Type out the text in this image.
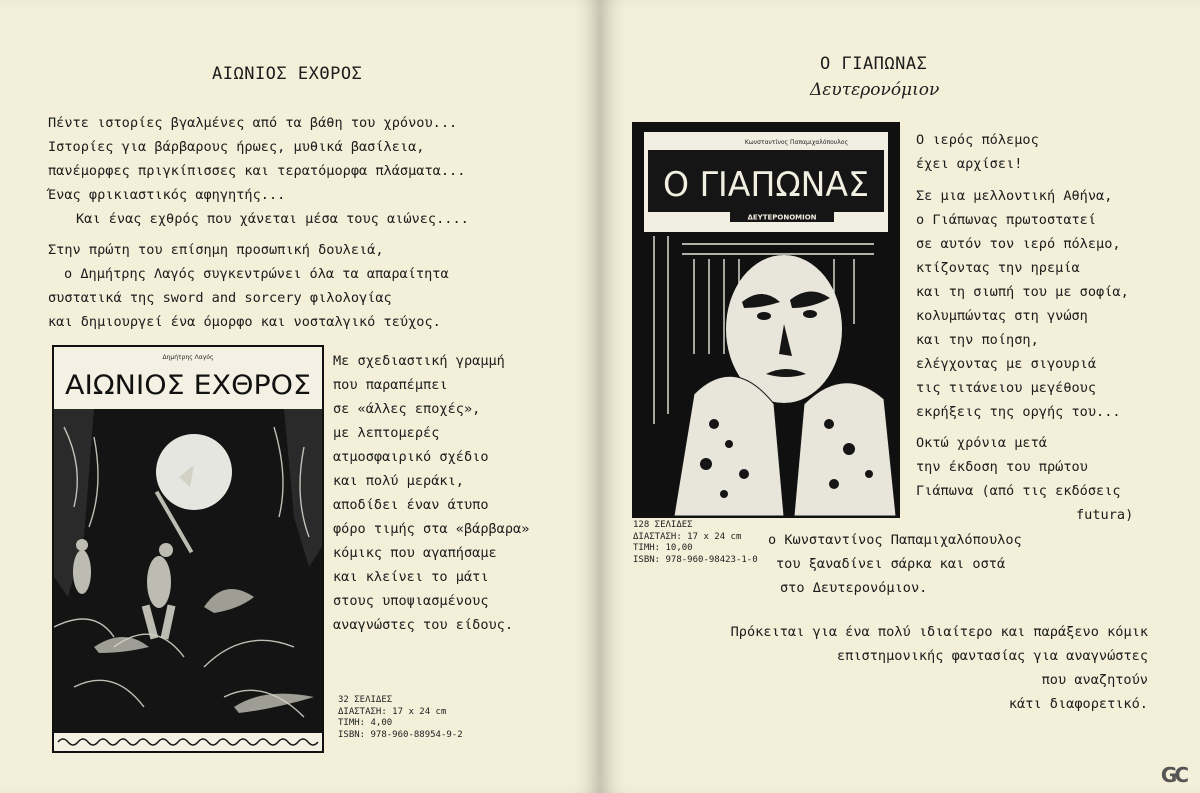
ΑΙΩΝΙΟΣ ΕΧΘΡΟΣ
Πέντε ιστορίες βγαλμένες από τα βάθη του χρόνου...
Ιστορίες για βάρβαρους ήρωες, μυθικά βασίλεια,
πανέμορφες πριγκίπισσες και τερατόμορφα πλάσματα...
Ένας φρικιαστικός αφηγητής...
Και ένας εχθρός που χάνεται μέσα τους αιώνες....
Στην πρώτη του επίσημη προσωπική δουλειά,
ο Δημήτρης Λαγός συγκεντρώνει όλα τα απαραίτητα
συστατικά της sword and sorcery φιλολογίας
και δημιουργεί ένα όμορφο και νοσταλγικό τεύχος.
Δημήτρης Λαγός
ΑΙΩΝΙΟΣ ΕΧΘΡΟΣ
Με σχεδιαστική γραμμή
που παραπέμπει
σε «άλλες εποχές»,
με λεπτομερές
ατμοσφαιρικό σχέδιο
και πολύ μεράκι,
αποδίδει έναν άτυπο
φόρο τιμής στα «βάρβαρα»
κόμικς που αγαπήσαμε
και κλείνει το μάτι
στους υποψιασμένους
αναγνώστες του είδους.
32 ΣΕΛΙΔΕΣ
ΔΙΑΣΤΑΣΗ: 17 x 24 cm
ΤΙΜΗ: 4,00
ISBN: 978-960-88954-9-2
Ο ΓΙΑΠΩΝΑΣ
Δευτερονόμιον
Κωνσταντίνος Παπαμιχαλόπουλος
Ο ΓΙΑΠΩΝΑΣ
ΔΕΥΤΕΡΟΝΟΜΙΟΝ
128 ΣΕΛΙΔΕΣ
ΔΙΑΣΤΑΣΗ: 17 x 24 cm
ΤΙΜΗ: 10,00
ISBN: 978-960-98423-1-0
Ο ιερός πόλεμος
έχει αρχίσει!
Σε μια μελλοντική Αθήνα,
ο Γιάπωνας πρωτοστατεί
σε αυτόν τον ιερό πόλεμο,
κτίζοντας την ηρεμία
και τη σιωπή του με σοφία,
κολυμπώντας στη γνώση
και την ποίηση,
ελέγχοντας με σιγουριά
τις τιτάνειου μεγέθους
εκρήξεις της οργής του...
Οκτώ χρόνια μετά
την έκδοση του πρώτου
Γιάπωνα (από τις εκδόσεις
futura)
ο Κωνσταντίνος Παπαμιχαλόπουλος
του ξαναδίνει σάρκα και οστά
στο Δευτερονόμιον.
Πρόκειται για ένα πολύ ιδιαίτερο και παράξενο κόμικ
επιστημονικής φαντασίας για αναγνώστες
που αναζητούν
κάτι διαφορετικό.
GC
